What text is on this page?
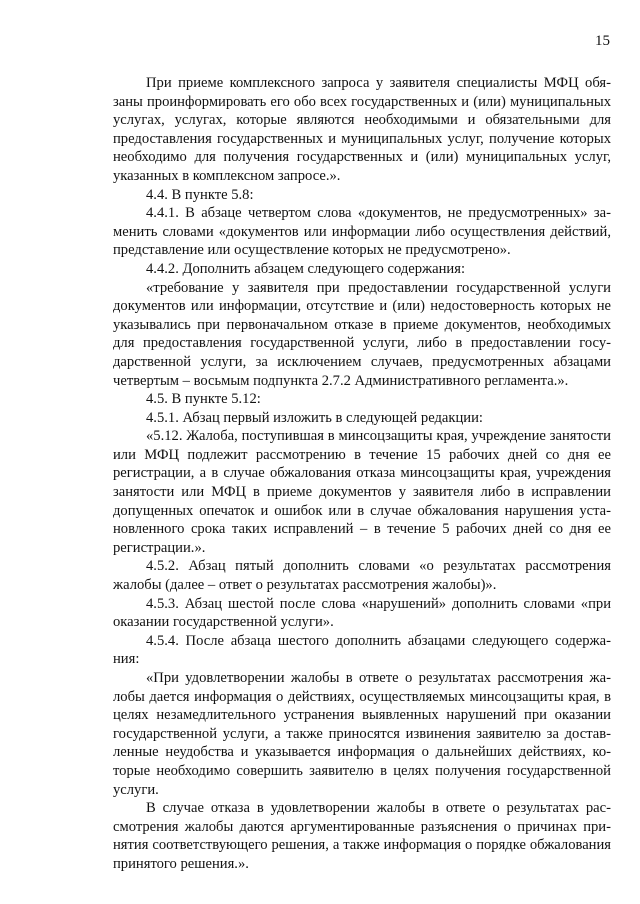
15

При приеме комплексного запроса у заявителя специалисты МФЦ обязаны проинформировать его обо всех государственных и (или) муниципальных услугах, услугах, которые являются необходимыми и обязательными для предоставления государственных и муниципальных услуг, получение которых необходимо для получения государственных и (или) муниципальных услуг, указанных в комплексном запросе.».

4.4. В пункте 5.8:

4.4.1. В абзаце четвертом слова «документов, не предусмотренных» заменить словами «документов или информации либо осуществления действий, представление или осуществление которых не предусмотрено».

4.4.2. Дополнить абзацем следующего содержания:

«требование у заявителя при предоставлении государственной услуги документов или информации, отсутствие и (или) недостоверность которых не указывались при первоначальном отказе в приеме документов, необходимых для предоставления государственной услуги, либо в предоставлении государственной услуги, за исключением случаев, предусмотренных абзацами четвертым – восьмым подпункта 2.7.2 Административного регламента.».

4.5. В пункте 5.12:

4.5.1. Абзац первый изложить в следующей редакции:

«5.12. Жалоба, поступившая в минсоцзащиты края, учреждение занятости или МФЦ подлежит рассмотрению в течение 15 рабочих дней со дня ее регистрации, а в случае обжалования отказа минсоцзащиты края, учреждения занятости или МФЦ в приеме документов у заявителя либо в исправлении допущенных опечаток и ошибок или в случае обжалования нарушения установленного срока таких исправлений – в течение 5 рабочих дней со дня ее регистрации.».

4.5.2. Абзац пятый дополнить словами «о результатах рассмотрения жалобы (далее – ответ о результатах рассмотрения жалобы)».

4.5.3. Абзац шестой после слова «нарушений» дополнить словами «при оказании государственной услуги».

4.5.4. После абзаца шестого дополнить абзацами следующего содержания:

«При удовлетворении жалобы в ответе о результатах рассмотрения жалобы дается информация о действиях, осуществляемых минсоцзащиты края, в целях незамедлительного устранения выявленных нарушений при оказании государственной услуги, а также приносятся извинения заявителю за доставленные неудобства и указывается информация о дальнейших действиях, которые необходимо совершить заявителю в целях получения государственной услуги.

В случае отказа в удовлетворении жалобы в ответе о результатах рассмотрения жалобы даются аргументированные разъяснения о причинах принятия соответствующего решения, а также информация о порядке обжалования принятого решения.».
